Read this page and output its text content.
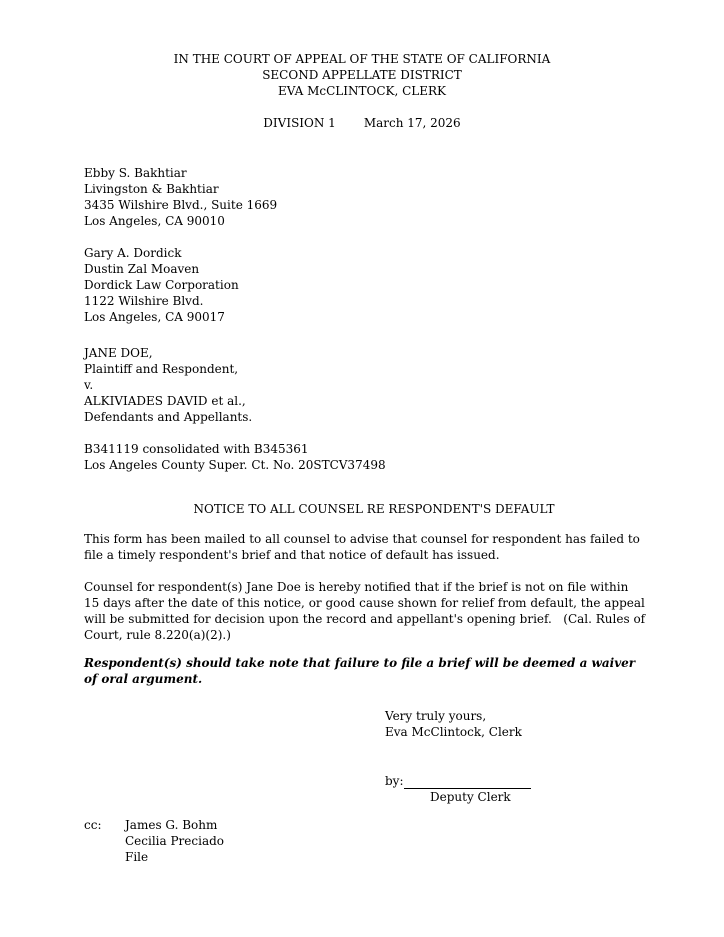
IN THE COURT OF APPEAL OF THE STATE OF CALIFORNIA
SECOND APPELLATE DISTRICT
EVA McCLINTOCK, CLERK
DIVISION 1 March 17, 2026
Ebby S. Bakhtiar
Livingston & Bakhtiar
3435 Wilshire Blvd., Suite 1669
Los Angeles, CA 90010
Gary A. Dordick
Dustin Zal Moaven
Dordick Law Corporation
1122 Wilshire Blvd.
Los Angeles, CA 90017
JANE DOE,
Plaintiff and Respondent,
v.
ALKIVIADES DAVID et al.,
Defendants and Appellants.
B341119 consolidated with B345361
Los Angeles County Super. Ct. No. 20STCV37498
NOTICE TO ALL COUNSEL RE RESPONDENT'S DEFAULT
This form has been mailed to all counsel to advise that counsel for respondent has failed to
file a timely respondent's brief and that notice of default has issued.
Counsel for respondent(s) Jane Doe is hereby notified that if the brief is not on file within
15 days after the date of this notice, or good cause shown for relief from default, the appeal
will be submitted for decision upon the record and appellant's opening brief.   (Cal. Rules of
Court, rule 8.220(a)(2).)
Respondent(s) should take note that failure to file a brief will be deemed a waiver
of oral argument.
Very truly yours,
Eva McClintock, Clerk
by:
Deputy Clerk
cc:	James G. Bohm
Cecilia Preciado
File
